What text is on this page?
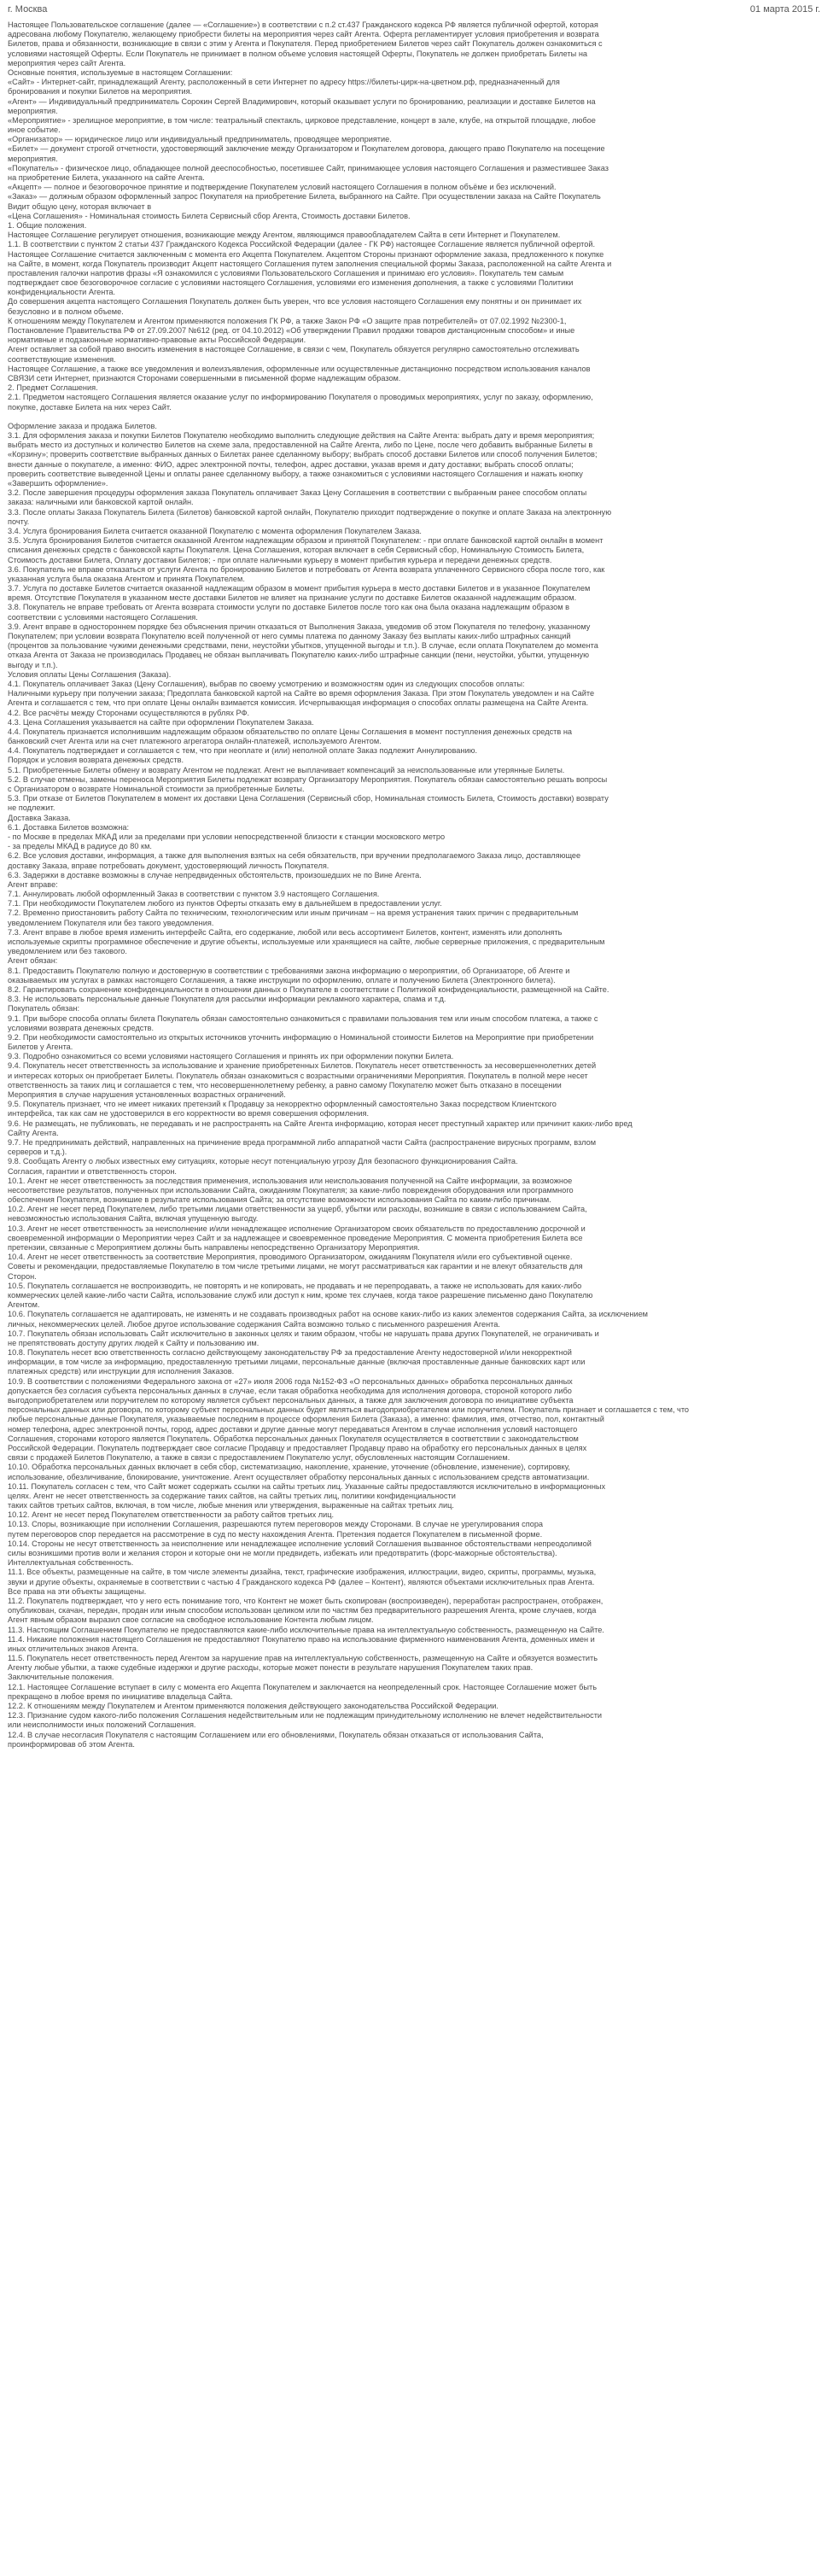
г. Москва	01 марта 2015 г.
Настоящее Пользовательское соглашение (далее — «Соглашение») в соответствии с п.2 ст.437 Гражданского кодекса РФ является публичной офертой, которая
адресована любому Покупателю, желающему приобрести билеты на мероприятия через сайт Агента. Оферта регламентирует условия приобретения и возврата
Билетов, права и обязанности, возникающие в связи с этим у Агента и Покупателя. Перед приобретением Билетов через сайт Покупатель должен ознакомиться с
условиями настоящей Оферты. Если Покупатель не принимает в полном объеме условия настоящей Оферты, Покупатель не должен приобретать Билеты на
мероприятия через сайт Агента.
Основные понятия, используемые в настоящем Соглашении:
«Сайт» - Интернет-сайт, принадлежащий Агенту, расположенный в сети Интернет по адресу https://билеты-цирк-на-цветном.рф, предназначенный для
бронирования и покупки Билетов на мероприятия.
«Агент» — Индивидуальный предприниматель Сорокин Сергей Владимирович, который оказывает услуги по бронированию, реализации и доставке Билетов на
мероприятия.
«Мероприятие» - зрелищное мероприятие, в том числе: театральный спектакль, цирковое представление, концерт в зале, клубе, на открытой площадке, любое
иное событие.
«Организатор» — юридическое лицо или индивидуальный предприниматель, проводящее мероприятие.
«Билет» — документ строгой отчетности, удостоверяющий заключение между Организатором и Покупателем договора, дающего право Покупателю на посещение
мероприятия.
«Покупатель» - физическое лицо, обладающее полной дееспособностью, посетившее Сайт, принимающее условия настоящего Соглашения и разместившее Заказ
на приобретение Билета, указанного на сайте Агента.
«Акцепт» — полное и безоговорочное принятие и подтверждение Покупателем условий настоящего Соглашения в полном объёме и без исключений.
«Заказ» — должным образом оформленный запрос Покупателя на приобретение Билета, выбранного на Сайте. При осуществлении заказа на Сайте Покупатель
Видит общую цену, которая включает в
«Цена Соглашения» - Номинальная стоимость Билета Сервисный сбор Агента, Стоимость доставки Билетов.
1. Общие положения.
Настоящее Соглашение регулирует отношения, возникающие между Агентом, являющимся правообладателем Сайта в сети Интернет и Покупателем.
1.1. В соответствии с пунктом 2 статьи 437 Гражданского Кодекса Российской Федерации (далее - ГК РФ) настоящее Соглашение является публичной офертой.
Настоящее Соглашение считается заключенным с момента его Акцепта Покупателем. Акцептом Стороны признают оформление заказа, предложенного к покупке
на Сайте, в момент, когда Покупатель производит Акцепт настоящего Соглашения путем заполнения специальной формы Заказа, расположенной на сайте Агента и
проставления галочки напротив фразы «Я ознакомился с условиями Пользовательского Соглашения и принимаю его условия». Покупатель тем самым
подтверждает свое безоговорочное согласие с условиями настоящего Соглашения, условиями его изменения дополнения, а также с условиями Политики
конфиденциальности Агента.
До совершения акцепта настоящего Соглашения Покупатель должен быть уверен, что все условия настоящего Соглашения ему понятны и он принимает их
безусловно и в полном объеме.
К отношениям между Покупателем и Агентом применяются положения ГК РФ, а также Закон РФ «О защите прав потребителей» от 07.02.1992 №2300-1,
Постановление Правительства РФ от 27.09.2007 №612 (ред. от 04.10.2012) «Об утверждении Правил продажи товаров дистанционным способом» и иные
нормативные и подзаконные нормативно-правовые акты Российской Федерации.
Агент оставляет за собой право вносить изменения в настоящее Соглашение, в связи с чем, Покупатель обязуется регулярно самостоятельно отслеживать
соответствующие изменения.
Настоящее Соглашение, а также все уведомления и волеизъявления, оформленные или осуществленные дистанционно посредством использования каналов
СВЯЗИ сети Интернет, признаются Сторонами совершенными в письменной форме надлежащим образом.
2. Предмет Соглашения.
2.1. Предметом настоящего Соглашения является оказание услуг по информированию Покупателя о проводимых мероприятиях, услуг по заказу, оформлению,
покупке, доставке Билета на них через Сайт.

Оформление заказа и продажа Билетов.
3.1. Для оформления заказа и покупки Билетов Покупателю необходимо выполнить следующие действия на Сайте Агента: выбрать дату и время мероприятия;
выбрать место из доступных и количество Билетов на схеме зала, предоставленной на Сайте Агента, либо по Цене, после чего добавить выбранные Билеты в
«Корзину»; проверить соответствие выбранных данных о Билетах ранее сделанному выбору; выбрать способ доставки Билетов или способ получения Билетов;
внести данные о покупателе, а именно: ФИО, адрес электронной почты, телефон, адрес доставки, указав время и дату доставки; выбрать способ оплаты;
проверить соответствие выведенной Цены и оплаты ранее сделанному выбору, а также ознакомиться с условиями настоящего Соглашения и нажать кнопку
«Завершить оформление».
3.2. После завершения процедуры оформления заказа Покупатель оплачивает Заказ Цену Соглашения в соответствии с выбранным ранее способом оплаты
заказа: наличными или банковской картой онлайн.
3.3. После оплаты Заказа Покупатель Билета (Билетов) банковской картой онлайн, Покупателю приходит подтверждение о покупке и оплате Заказа на электронную
почту.
3.4. Услуга бронирования Билета считается оказанной Покупателю с момента оформления Покупателем Заказа.
3.5. Услуга бронирования Билетов считается оказанной Агентом надлежащим образом и принятой Покупателем: - при оплате банковской картой онлайн в момент
списания денежных средств с банковской карты Покупателя. Цена Соглашения, которая включает в себя Сервисный сбор, Номинальную Стоимость Билета,
Стоимость доставки Билета, Оплату доставки Билетов; - при оплате наличными курьеру в момент прибытия курьера и передачи денежных средств.
3.6. Покупатель не вправе отказаться от услуги Агента по бронированию Билетов и потребовать от Агента возврата уплаченного Сервисного сбора после того, как
указанная услуга была оказана Агентом и принята Покупателем.
3.7. Услуга по доставке Билетов считается оказанной надлежащим образом в момент прибытия курьера в место доставки Билетов и в указанное Покупателем
время. Отсутствие Покупателя в указанном месте доставки Билетов не влияет на признание услуги по доставке Билетов оказанной надлежащим образом.
3.8. Покупатель не вправе требовать от Агента возврата стоимости услуги по доставке Билетов после того как она была оказана надлежащим образом в
соответствии с условиями настоящего Соглашения.
3.9. Агент вправе в одностороннем порядке без объяснения причин отказаться от Выполнения Заказа, уведомив об этом Покупателя по телефону, указанному
Покупателем; при условии возврата Покупателю всей полученной от него суммы платежа по данному Заказу без выплаты каких-либо штрафных санкций
(процентов за пользование чужими денежными средствами, пени, неустойки убытков, упущенной выгоды и т.п.). В случае, если оплата Покупателем до момента
отказа Агента от Заказа не производилась Продавец не обязан выплачивать Покупателю каких-либо штрафные санкции (пени, неустойки, убытки, упущенную
выгоду и т.п.).
Условия оплаты Цены Соглашения (Заказа).
4.1. Покупатель оплачивает Заказ (Цену Соглашения), выбрав по своему усмотрению и возможностям один из следующих способов оплаты:
Наличными курьеру при получении заказа; Предоплата банковской картой на Сайте во время оформления Заказа. При этом Покупатель уведомлен и на Сайте
Агента и соглашается с тем, что при оплате Цены онлайн взимается комиссия. Исчерпывающая информация о способах оплаты размещена на Сайте Агента.
4.2. Все расчёты между Сторонами осуществляются в рублях РФ.
4.3. Цена Соглашения указывается на сайте при оформлении Покупателем Заказа.
4.4. Покупатель признается исполнившим надлежащим образом обязательство по оплате Цены Соглашения в момент поступления денежных средств на
банковский счет Агента или на счет платежного агрегатора онлайн-платежей, используемого Агентом.
4.4. Покупатель подтверждает и соглашается с тем, что при неоплате и (или) неполной оплате Заказ подлежит Аннулированию.
Порядок и условия возврата денежных средств.
5.1. Приобретенные Билеты обмену и возврату Агентом не подлежат. Агент не выплачивает компенсаций за неиспользованные или утерянные Билеты.
5.2. В случае отмены, замены переноса Мероприятия Билеты подлежат возврату Организатору Мероприятия. Покупатель обязан самостоятельно решать вопросы
с Организатором о возврате Номинальной стоимости за приобретенные Билеты.
5.3. При отказе от Билетов Покупателем в момент их доставки Цена Соглашения (Сервисный сбор, Номинальная стоимость Билета, Стоимость доставки) возврату
не подлежит.
Доставка Заказа.
6.1. Доставка Билетов возможна:
- по Москве в пределах МКАД или за пределами при условии непосредственной близости к станции московского метро
- за пределы МКАД в радиусе до 80 км.
6.2. Все условия доставки, информация, а также для выполнения взятых на себя обязательств, при вручении предполагаемого Заказа лицо, доставляющее
доставку Заказа, вправе потребовать документ, удостоверяющий личность Покупателя.
6.3. Задержки в доставке возможны в случае непредвиденных обстоятельств, произошедших не по Вине Агента.
Агент вправе:
7.1. Аннулировать любой оформленный Заказ в соответствии с пунктом 3.9 настоящего Соглашения.
7.1. При необходимости Покупателем любого из пунктов Оферты отказать ему в дальнейшем в предоставлении услуг.
7.2. Временно приостановить работу Сайта по техническим, технологическим или иным причинам – на время устранения таких причин с предварительным
уведомлением Покупателя или без такого уведомления.
7.3. Агент вправе в любое время изменить интерфейс Сайта, его содержание, любой или весь ассортимент Билетов, контент, изменять или дополнять
используемые скрипты программное обеспечение и другие объекты, используемые или хранящиеся на сайте, любые серверные приложения, с предварительным
уведомлением или без такового.
Агент обязан:
8.1. Предоставить Покупателю полную и достоверную в соответствии с требованиями закона информацию о мероприятии, об Организаторе, об Агенте и
оказываемых им услугах в рамках настоящего Соглашения, а также инструкции по оформлению, оплате и получению Билета (Электронного билета).
8.2. Гарантировать сохранение конфиденциальности в отношении данных о Покупателе в соответствии с Политикой конфиденциальности, размещенной на Сайте.
8.3. Не использовать персональные данные Покупателя для рассылки информации рекламного характера, спама и т.д.
Покупатель обязан:
9.1. При выборе способа оплаты билета Покупатель обязан самостоятельно ознакомиться с правилами пользования тем или иным способом платежа, а также с
условиями возврата денежных средств.
9.2. При необходимости самостоятельно из открытых источников уточнить информацию о Номинальной стоимости Билетов на Мероприятие при приобретении
Билетов у Агента.
9.3. Подробно ознакомиться со всеми условиями настоящего Соглашения и принять их при оформлении покупки Билета.
9.4. Покупатель несет ответственность за использование и хранение приобретенных Билетов. Покупатель несет ответственность за несовершеннолетних детей
и интересах которых он приобретает Билеты. Покупатель обязан ознакомиться с возрастными ограничениями Мероприятия. Покупатель в полной мере несет
ответственность за таких лиц и соглашается с тем, что несовершеннолетнему ребенку, а равно самому Покупателю может быть отказано в посещении
Мероприятия в случае нарушения установленных возрастных ограничений.
9.5. Покупатель признает, что не имеет никаких претензий к Продавцу за некорректно оформленный самостоятельно Заказ посредством Клиентского
интерфейса, так как сам не удостоверился в его корректности во время совершения оформления.
9.6. Не размещать, не публиковать, не передавать и не распространять на Сайте Агента информацию, которая несет преступный характер или причинит каких-либо вред
Сайту Агента.
9.7. Не предпринимать действий, направленных на причинение вреда программной либо аппаратной части Сайта (распространение вирусных программ, взлом
серверов и т.д.).
9.8. Сообщать Агенту о любых известных ему ситуациях, которые несут потенциальную угрозу Для безопасного функционирования Сайта.
Согласия, гарантии и ответственность сторон.
10.1. Агент не несет ответственность за последствия применения, использования или неиспользования полученной на Сайте информации, за возможное
несоответствие результатов, полученных при использовании Сайта, ожиданиям Покупателя; за какие-либо повреждения оборудования или программного
обеспечения Покупателя, возникшие в результате использования Сайта; за отсутствие возможности использования Сайта по каким-либо причинам.
10.2. Агент не несет перед Покупателем, либо третьими лицами ответственности за ущерб, убытки или расходы, возникшие в связи с использованием Сайта,
невозможностью использования Сайта, включая упущенную выгоду.
10.3. Агент не несет ответственность за неисполнение и/или ненадлежащее исполнение Организатором своих обязательств по предоставлению досрочной и
своевременной информации о Мероприятии через Сайт и за надлежащее и своевременное проведение Мероприятия. С момента приобретения Билета все
претензии, связанные с Мероприятием должны быть направлены непосредственно Организатору Мероприятия.
10.4. Агент не несет ответственность за соответствие Мероприятия, проводимого Организатором, ожиданиям Покупателя и/или его субъективной оценке.
Советы и рекомендации, предоставляемые Покупателю в том числе третьими лицами, не могут рассматриваться как гарантии и не влекут обязательств для
Сторон.
10.5. Покупатель соглашается не воспроизводить, не повторять и не копировать, не продавать и не перепродавать, а также не использовать для каких-либо
коммерческих целей какие-либо части Сайта, использование служб или доступ к ним, кроме тех случаев, когда такое разрешение письменно дано Покупателю
Агентом.
10.6. Покупатель соглашается не адаптировать, не изменять и не создавать производных работ на основе каких-либо из каких элементов содержания Сайта, за исключением
личных, некоммерческих целей. Любое другое использование содержания Сайта возможно только с письменного разрешения Агента.
10.7. Покупатель обязан использовать Сайт исключительно в законных целях и таким образом, чтобы не нарушать права других Покупателей, не ограничивать и
не препятствовать доступу других людей к Сайту и пользованию им.
10.8. Покупатель несет всю ответственность согласно действующему законодательству РФ за предоставление Агенту недостоверной и/или некорректной
информации, в том числе за информацию, предоставленную третьими лицами, персональные данные (включая проставленные данные банковских карт или
платежных средств) или инструкции для исполнения Заказов.
10.9. В соответствии с положениями Федерального закона от «27» июля 2006 года №152-ФЗ «О персональных данных» обработка персональных данных
допускается без согласия субъекта персональных данных в случае, если такая обработка необходима для исполнения договора, стороной которого либо
выгодоприобретателем или поручителем по которому является субъект персональных данных, а также для заключения договора по инициативе субъекта
персональных данных или договора, по которому субъект персональных данных будет являться выгодоприобретателем или поручителем. Покупатель признает и соглашается с тем, что
любые персональные данные Покупателя, указываемые последним в процессе оформления Билета (Заказа), а именно: фамилия, имя, отчество, пол, контактный
номер телефона, адрес электронной почты, город, адрес доставки и другие данные могут передаваться Агентом в случае исполнения условий настоящего
Соглашения, сторонами которого является Покупатель. Обработка персональных данных Покупателя осуществляется в соответствии с законодательством
Российской Федерации. Покупатель подтверждает свое согласие Продавцу и предоставляет Продавцу право на обработку его персональных данных в целях
связи с продажей Билетов Покупателю, а также в связи с предоставлением Покупателю услуг, обусловленных настоящим Соглашением.
10.10. Обработка персональных данных включает в себя сбор, систематизацию, накопление, хранение, уточнение (обновление, изменение), сортировку,
использование, обезличивание, блокирование, уничтожение. Агент осуществляет обработку персональных данных с использованием средств автоматизации.
10.11. Покупатель согласен с тем, что Сайт может содержать ссылки на сайты третьих лиц. Указанные сайты предоставляются исключительно в информационных
целях. Агент не несет ответственность за содержание таких сайтов, на сайты третьих лиц, политики конфиденциальности
таких сайтов третьих сайтов, включая, в том числе, любые мнения или утверждения, выраженные на сайтах третьих лиц.
10.12. Агент не несет перед Покупателем ответственности за работу сайтов третьих лиц.
10.13. Споры, возникающие при исполнении Соглашения, разрешаются путем переговоров между Сторонами. В случае не урегулирования спора
путем переговоров спор передается на рассмотрение в суд по месту нахождения Агента. Претензия подается Покупателем в письменной форме.
10.14. Стороны не несут ответственность за неисполнение или ненадлежащее исполнение условий Соглашения вызванное обстоятельствами непреодолимой
силы возникшими против воли и желания сторон и которые они не могли предвидеть, избежать или предотвратить (форс-мажорные обстоятельства).
Интеллектуальная собственность.
11.1. Все объекты, размещенные на сайте, в том числе элементы дизайна, текст, графические изображения, иллюстрации, видео, скрипты, программы, музыка,
звуки и другие объекты, охраняемые в соответствии с частью 4 Гражданского кодекса РФ (далее – Контент), являются объектами исключительных прав Агента.
Все права на эти объекты защищены.
11.2. Покупатель подтверждает, что у него есть понимание того, что Контент не может быть скопирован (воспроизведен), переработан распространен, отображен,
опубликован, скачан, передан, продан или иным способом использован целиком или по частям без предварительного разрешения Агента, кроме случаев, когда
Агент явным образом выразил свое согласие на свободное использование Контента любым лицом.
11.3. Настоящим Соглашением Покупателю не предоставляются какие-либо исключительные права на интеллектуальную собственность, размещенную на Сайте.
11.4. Никакие положения настоящего Соглашения не предоставляют Покупателю право на использование фирменного наименования Агента, доменных имен и
иных отличительных знаков Агента.
11.5. Покупатель несет ответственность перед Агентом за нарушение прав на интеллектуальную собственность, размещенную на Сайте и обязуется возместить
Агенту любые убытки, а также судебные издержки и другие расходы, которые может понести в результате нарушения Покупателем таких прав.
Заключительные положения.
12.1. Настоящее Соглашение вступает в силу с момента его Акцепта Покупателем и заключается на неопределенный срок. Настоящее Соглашение может быть
прекращено в любое время по инициативе владельца Сайта.
12.2. К отношениям между Покупателем и Агентом применяются положения действующего законодательства Российской Федерации.
12.3. Признание судом какого-либо положения Соглашения недействительным или не подлежащим принудительному исполнению не влечет недействительности
или неисполнимости иных положений Соглашения.
12.4. В случае несогласия Покупателя с настоящим Соглашением или его обновлениями, Покупатель обязан отказаться от использования Сайта,
проинформировав об этом Агента.
